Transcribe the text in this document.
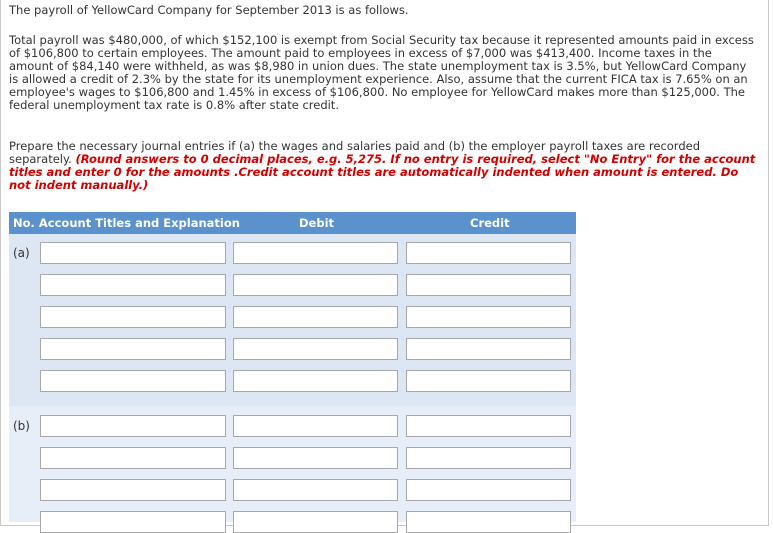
The payroll of YellowCard Company for September 2013 is as follows.

Total payroll was $480,000, of which $152,100 is exempt from Social Security tax because it represented amounts paid in excess of $106,800 to certain employees. The amount paid to employees in excess of $7,000 was $413,400. Income taxes in the amount of $84,140 were withheld, as was $8,980 in union dues. The state unemployment tax is 3.5%, but YellowCard Company is allowed a credit of 2.3% by the state for its unemployment experience. Also, assume that the current FICA tax is 7.65% on an employee's wages to $106,800 and 1.45% in excess of $106,800. No employee for YellowCard makes more than $125,000. The federal unemployment tax rate is 0.8% after state credit.

Prepare the necessary journal entries if (a) the wages and salaries paid and (b) the employer payroll taxes are recorded separately. (Round answers to 0 decimal places, e.g. 5,275. If no entry is required, select "No Entry" for the account titles and enter 0 for the amounts .Credit account titles are automatically indented when amount is entered. Do not indent manually.)

No. Account Titles and Explanation	Debit	Credit
(a)
(b)
